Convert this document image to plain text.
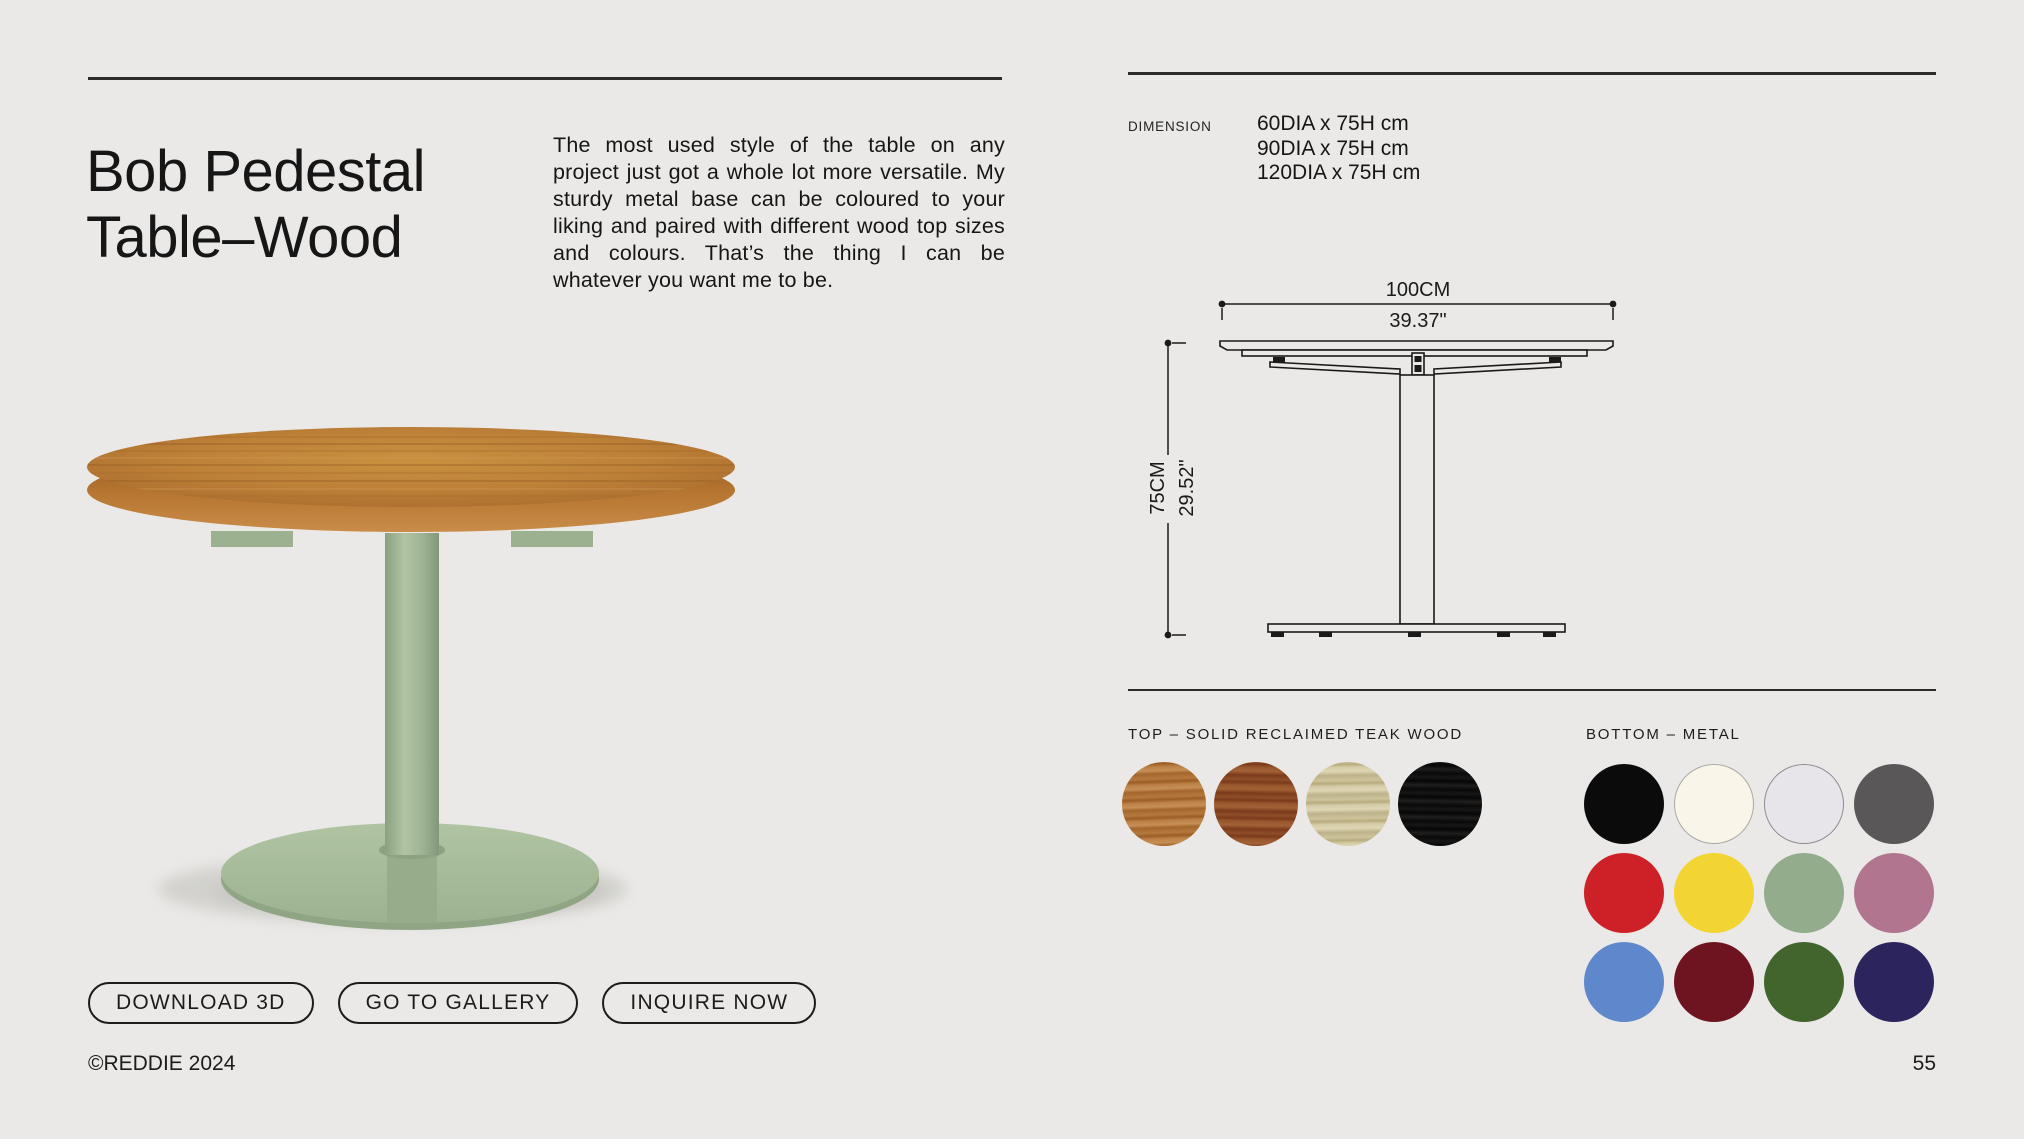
Bob Pedestal
Table–Wood

The most used style of the table on any project just got a whole lot more versatile. My sturdy metal base can be coloured to your liking and paired with different wood top sizes and colours. That’s the thing I can be whatever you want me to be.

DIMENSION 60DIA x 75H cm
90DIA x 75H cm
120DIA x 75H cm
100CM
39.37"
75CM 29.52"
TOP – SOLID RECLAIMED TEAK WOOD	BOTTOM – METAL
DOWNLOAD 3D	GO TO GALLERY	INQUIRE NOW
©REDDIE 2024	55
